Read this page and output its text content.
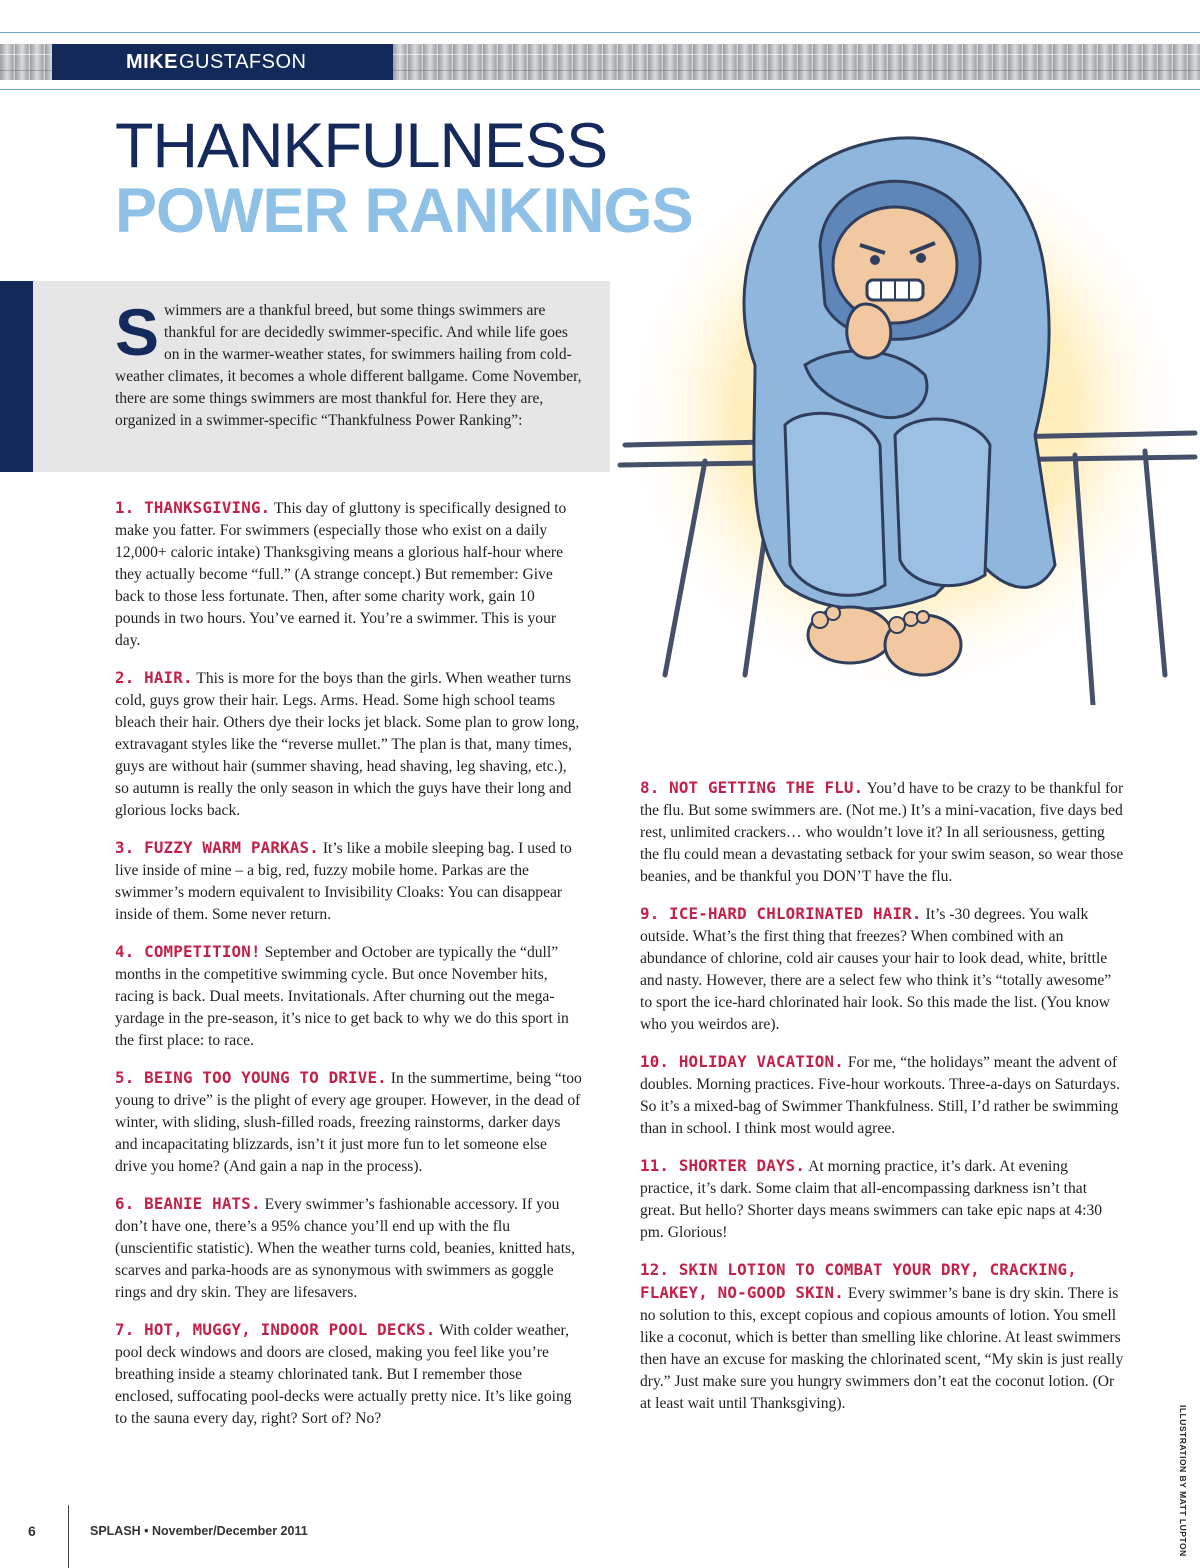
MIKE GUSTAFSON
THANKFULNESS
POWER RANKINGS
Swimmers are a thankful breed, but some things swimmers are thankful for are decidedly swimmer-specific. And while life goes on in the warmer-weather states, for swimmers hailing from cold-weather climates, it becomes a whole different ballgame. Come November, there are some things swimmers are most thankful for. Here they are, organized in a swimmer-specific “Thankfulness Power Ranking”:

1. THANKSGIVING. This day of gluttony is specifically designed to make you fatter. For swimmers (especially those who exist on a daily 12,000+ caloric intake) Thanksgiving means a glorious half-hour where they actually become “full.” (A strange concept.) But remember: Give back to those less fortunate. Then, after some charity work, gain 10 pounds in two hours. You’ve earned it. You’re a swimmer. This is your day.

2. HAIR. This is more for the boys than the girls. When weather turns cold, guys grow their hair. Legs. Arms. Head. Some high school teams bleach their hair. Others dye their locks jet black. Some plan to grow long, extravagant styles like the “reverse mullet.” The plan is that, many times, guys are without hair (summer shaving, head shaving, leg shaving, etc.), so autumn is really the only season in which the guys have their long and glorious locks back.

3. FUZZY WARM PARKAS. It’s like a mobile sleeping bag. I used to live inside of mine – a big, red, fuzzy mobile home. Parkas are the swimmer’s modern equivalent to Invisibility Cloaks: You can disappear inside of them. Some never return.

4. COMPETITION! September and October are typically the “dull” months in the competitive swimming cycle. But once November hits, racing is back. Dual meets. Invitationals. After churning out the mega-yardage in the pre-season, it’s nice to get back to why we do this sport in the first place: to race.

5. BEING TOO YOUNG TO DRIVE. In the summertime, being “too young to drive” is the plight of every age grouper. However, in the dead of winter, with sliding, slush-filled roads, freezing rainstorms, darker days and incapacitating blizzards, isn’t it just more fun to let someone else drive you home? (And gain a nap in the process).

6. BEANIE HATS. Every swimmer’s fashionable accessory. If you don’t have one, there’s a 95% chance you’ll end up with the flu (unscientific statistic). When the weather turns cold, beanies, knitted hats, scarves and parka-hoods are as synonymous with swimmers as goggle rings and dry skin. They are lifesavers.

7. HOT, MUGGY, INDOOR POOL DECKS. With colder weather, pool deck windows and doors are closed, making you feel like you’re breathing inside a steamy chlorinated tank. But I remember those enclosed, suffocating pool-decks were actually pretty nice. It’s like going to the sauna every day, right? Sort of? No?

8. NOT GETTING THE FLU. You’d have to be crazy to be thankful for the flu. But some swimmers are. (Not me.) It’s a mini-vacation, five days bed rest, unlimited crackers… who wouldn’t love it? In all seriousness, getting the flu could mean a devastating setback for your swim season, so wear those beanies, and be thankful you DON’T have the flu.

9. ICE-HARD CHLORINATED HAIR. It’s -30 degrees. You walk outside. What’s the first thing that freezes? When combined with an abundance of chlorine, cold air causes your hair to look dead, white, brittle and nasty. However, there are a select few who think it’s “totally awesome” to sport the ice-hard chlorinated hair look. So this made the list. (You know who you weirdos are).

10. HOLIDAY VACATION. For me, “the holidays” meant the advent of doubles. Morning practices. Five-hour workouts. Three-a-days on Saturdays. So it’s a mixed-bag of Swimmer Thankfulness. Still, I’d rather be swimming than in school. I think most would agree.

11. SHORTER DAYS. At morning practice, it’s dark. At evening practice, it’s dark. Some claim that all-encompassing darkness isn’t that great. But hello? Shorter days means swimmers can take epic naps at 4:30 pm. Glorious!

12. SKIN LOTION TO COMBAT YOUR DRY, CRACKING, FLAKEY, NO-GOOD SKIN. Every swimmer’s bane is dry skin. There is no solution to this, except copious and copious amounts of lotion. You smell like a coconut, which is better than smelling like chlorine. At least swimmers then have an excuse for masking the chlorinated scent, “My skin is just really dry.” Just make sure you hungry swimmers don’t eat the coconut lotion. (Or at least wait until Thanksgiving).

ILLUSTRATION BY MATT LUPTON
6	SPLASH • November/December 2011
